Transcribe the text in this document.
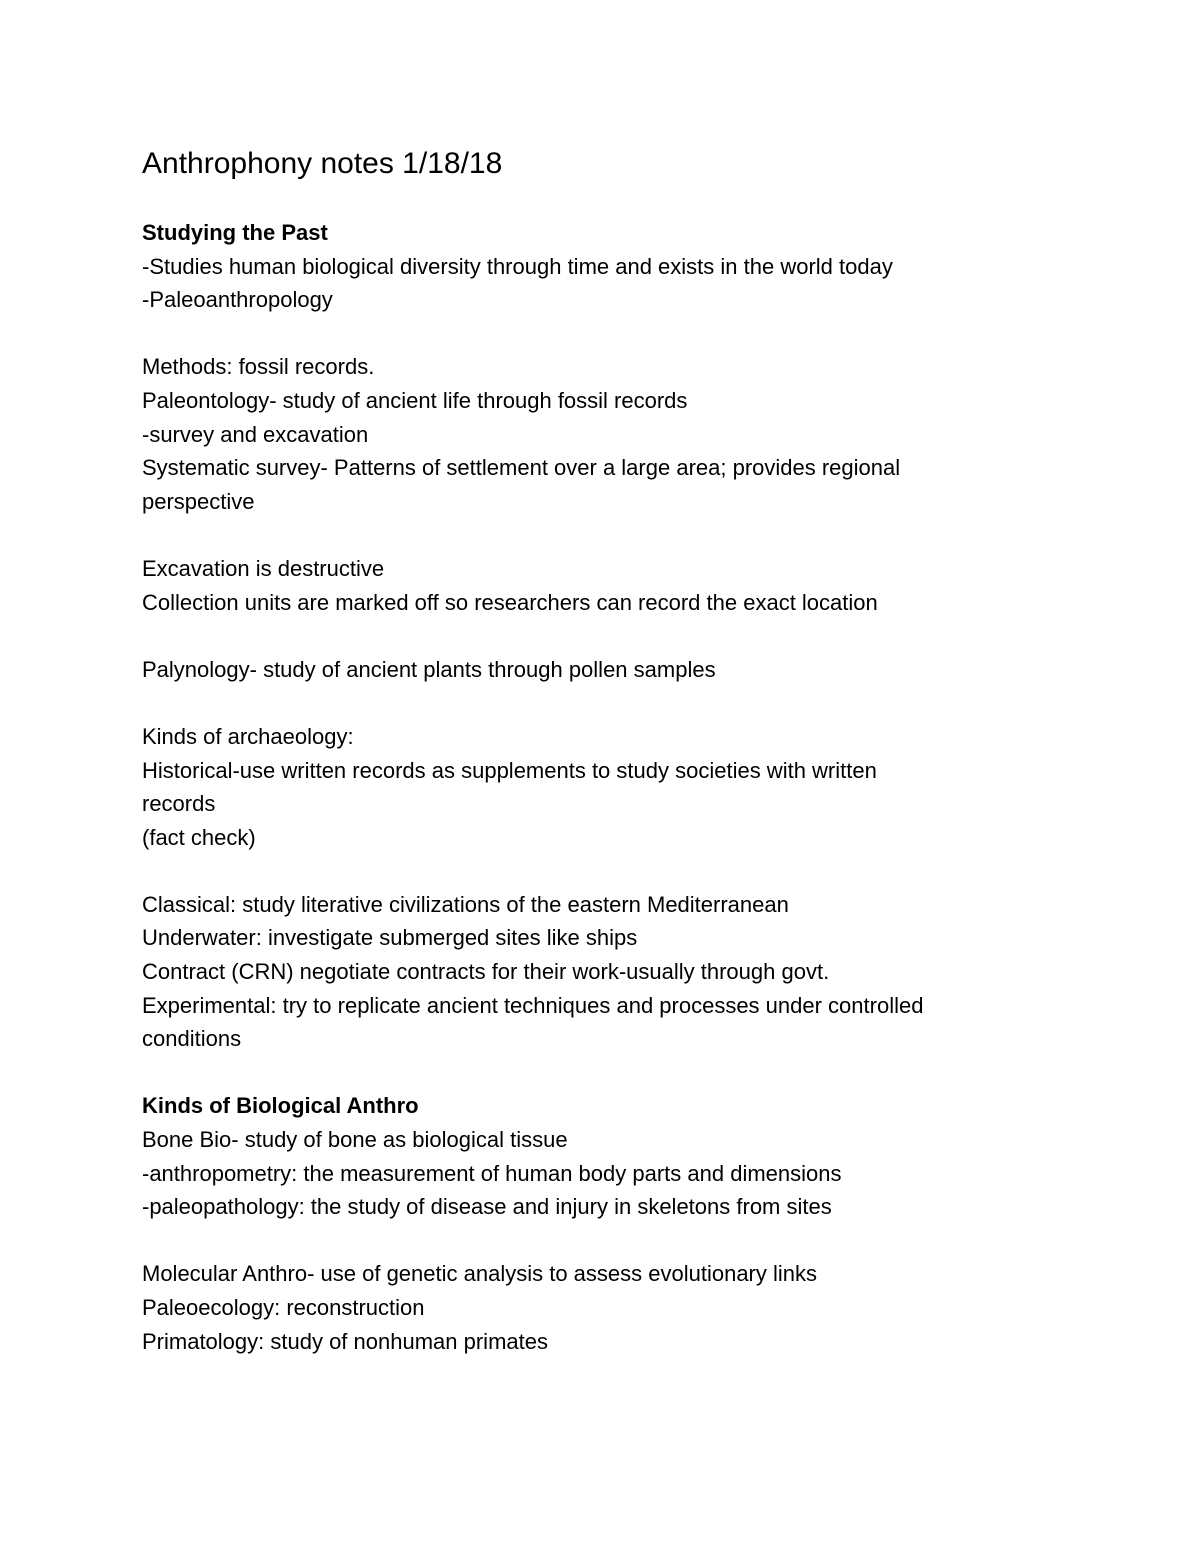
Anthrophony notes 1/18/18

Studying the Past

-Studies human biological diversity through time and exists in the world today

-Paleoanthropology

Methods: fossil records.

Paleontology- study of ancient life through fossil records

-survey and excavation

Systematic survey- Patterns of settlement over a large area; provides regional

perspective

Excavation is destructive

Collection units are marked off so researchers can record the exact location

Palynology- study of ancient plants through pollen samples

Kinds of archaeology:

Historical-use written records as supplements to study societies with written

records

(fact check)

Classical: study literative civilizations of the eastern Mediterranean

Underwater: investigate submerged sites like ships

Contract (CRN) negotiate contracts for their work-usually through govt.

Experimental: try to replicate ancient techniques and processes under controlled

conditions

Kinds of Biological Anthro

Bone Bio- study of bone as biological tissue

-anthropometry: the measurement of human body parts and dimensions

-paleopathology: the study of disease and injury in skeletons from sites

Molecular Anthro- use of genetic analysis to assess evolutionary links

Paleoecology: reconstruction

Primatology: study of nonhuman primates
